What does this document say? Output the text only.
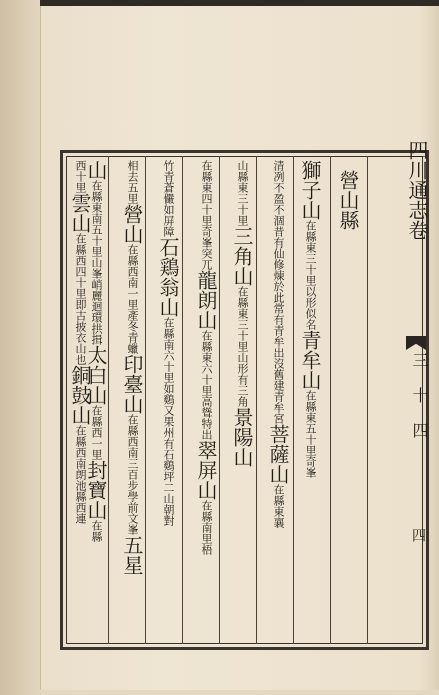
四川通志卷
三 十 四
四
營山縣
獅子山在縣東三十里以形似名青牟山在縣東五十里奇峯
清冽不盈不涸昔有仙修煉於此常有青牟出沒舊建青牟宮菩薩山在縣東襄
山縣東三十里三角山在縣東三十里山形有三角景陽山
在縣東四十里奇峯突兀龍朗山在縣東六十里高聳特出翠屏山在縣南里梧
竹青蒼儼如屏障石鶏翁山在縣南六十里如鷄又果州有石鷄坪二山朝對
相去五里營山在縣西南一里產冬青蠟印臺山在縣西南三百步學前文峯五星
山在縣東南五十里山峯峭麗迴環拱揖太白山在縣西一里封寶山在縣
西十里雲山在縣西四十里即古披衣山也銅鼓山在縣西南朗池縣西連
